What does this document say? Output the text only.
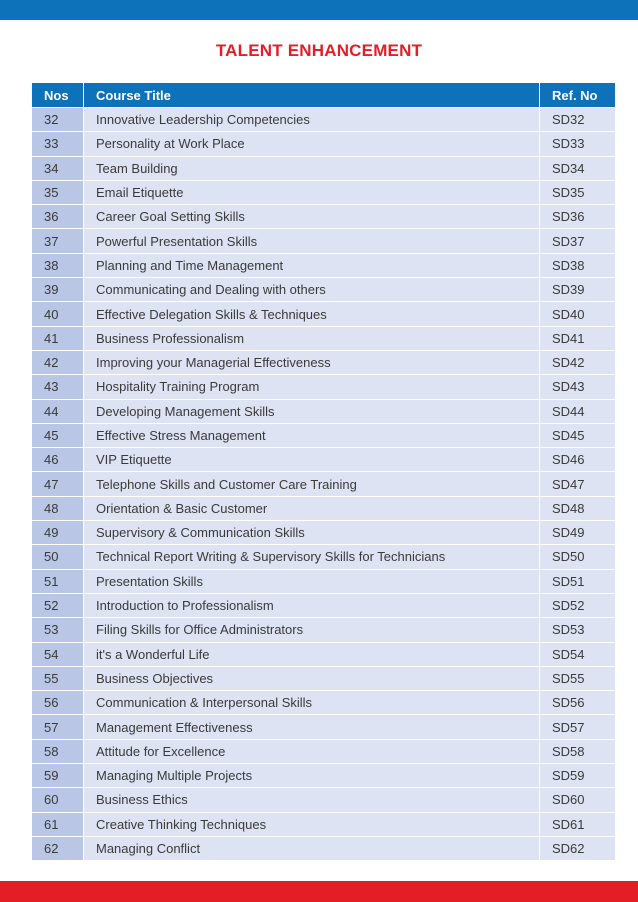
TALENT ENHANCEMENT
Nos	Course Title	Ref. No
32	Innovative Leadership Competencies	SD32
33	Personality at Work Place	SD33
34	Team Building	SD34
35	Email Etiquette	SD35
36	Career Goal Setting Skills	SD36
37	Powerful Presentation Skills	SD37
38	Planning and Time Management	SD38
39	Communicating and Dealing with others	SD39
40	Effective Delegation Skills & Techniques	SD40
41	Business Professionalism	SD41
42	Improving your Managerial Effectiveness	SD42
43	Hospitality Training Program	SD43
44	Developing Management Skills	SD44
45	Effective Stress Management	SD45
46	VIP Etiquette	SD46
47	Telephone Skills and Customer Care Training	SD47
48	Orientation & Basic Customer	SD48
49	Supervisory & Communication Skills	SD49
50	Technical Report Writing & Supervisory Skills for Technicians	SD50
51	Presentation Skills	SD51
52	Introduction to Professionalism	SD52
53	Filing Skills for Office Administrators	SD53
54	it's a Wonderful Life	SD54
55	Business Objectives	SD55
56	Communication & Interpersonal Skills	SD56
57	Management Effectiveness	SD57
58	Attitude for Excellence	SD58
59	Managing Multiple Projects	SD59
60	Business Ethics	SD60
61	Creative Thinking Techniques	SD61
62	Managing Conflict	SD62
